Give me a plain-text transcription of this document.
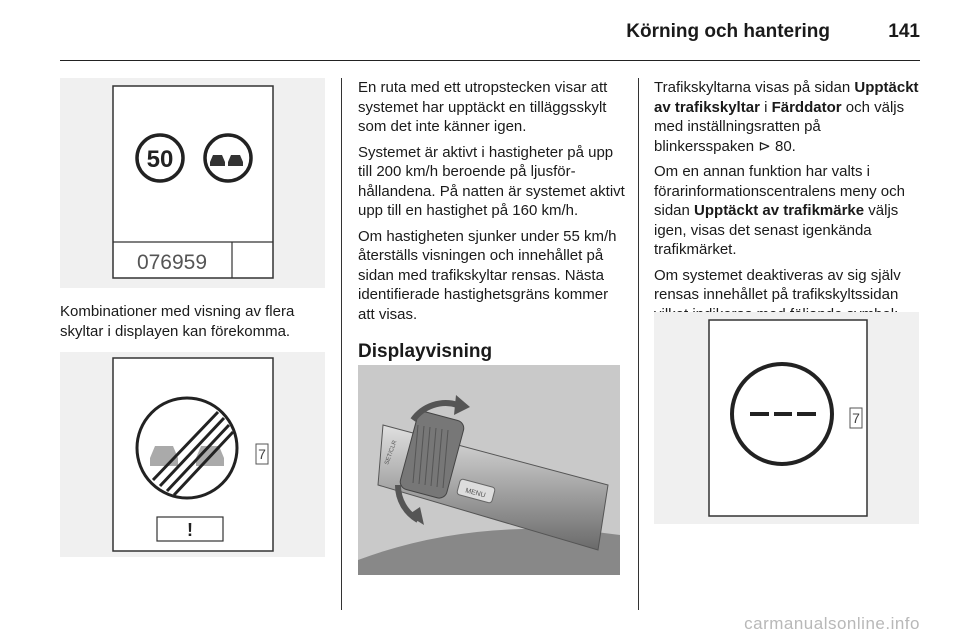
Körning och hantering	141
50
076959

Kombinationer med visning av flera skyltar i displayen kan förekomma.

!
7

En ruta med ett utropstecken visar att systemet har upptäckt en tilläggsskylt som det inte känner igen.

Systemet är aktivt i hastigheter på upp till 200 km/h beroende på ljusförhållandena. På natten är systemet aktivt upp till en hastighet på 160 km/h.

Om hastigheten sjunker under 55 km/h återställs visningen och innehållet på sidan med trafikskyltar rensas. Nästa identifierade hastighetsgräns kommer att visas.

Displayvisning
MENU
SET/CLR

Trafikskyltarna visas på sidan Upptäckt av trafikskyltar i Färddator och väljs med inställningsratten på blinkersspaken ⊳ 80.

Om en annan funktion har valts i förarinformationscentralens meny och sidan Upptäckt av trafikmärke väljs igen, visas det senast igenkända trafikmärket.

Om systemet deaktiveras av sig själv rensas innehållet på trafikskyltssidan

7
carmanualsonline.info
